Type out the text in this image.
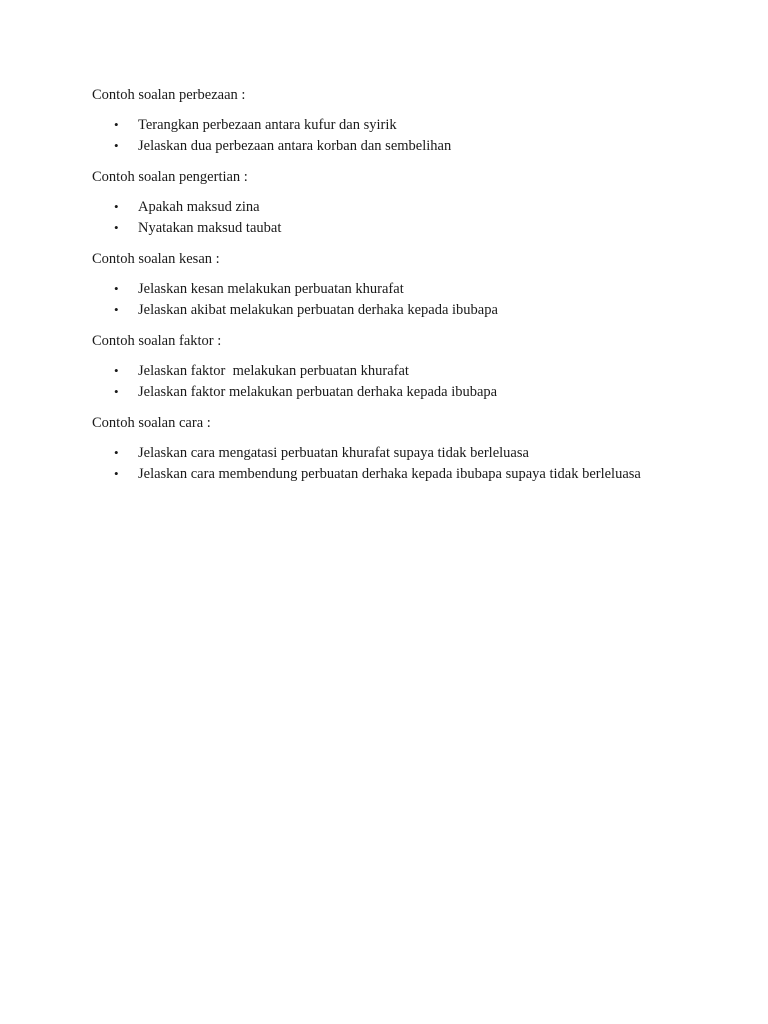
Contoh soalan perbezaan :

• Terangkan perbezaan antara kufur dan syirik
• Jelaskan dua perbezaan antara korban dan sembelihan

Contoh soalan pengertian :

• Apakah maksud zina
• Nyatakan maksud taubat

Contoh soalan kesan :

• Jelaskan kesan melakukan perbuatan khurafat
• Jelaskan akibat melakukan perbuatan derhaka kepada ibubapa

Contoh soalan faktor :

• Jelaskan faktor  melakukan perbuatan khurafat
• Jelaskan faktor melakukan perbuatan derhaka kepada ibubapa

Contoh soalan cara :

• Jelaskan cara mengatasi perbuatan khurafat supaya tidak berleluasa
• Jelaskan cara membendung perbuatan derhaka kepada ibubapa supaya tidak berleluasa
